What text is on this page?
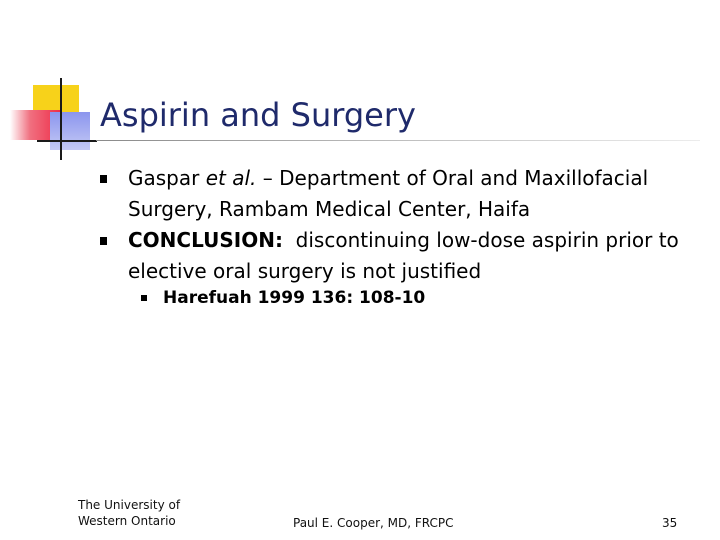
Aspirin and Surgery
Gaspar et al. – Department of Oral and Maxillofacial Surgery, Rambam Medical Center, Haifa
CONCLUSION:  discontinuing low-dose aspirin prior to elective oral surgery is not justified
Harefuah 1999 136: 108-10
The University of
Western Ontario	Paul E. Cooper, MD, FRCPC	35
